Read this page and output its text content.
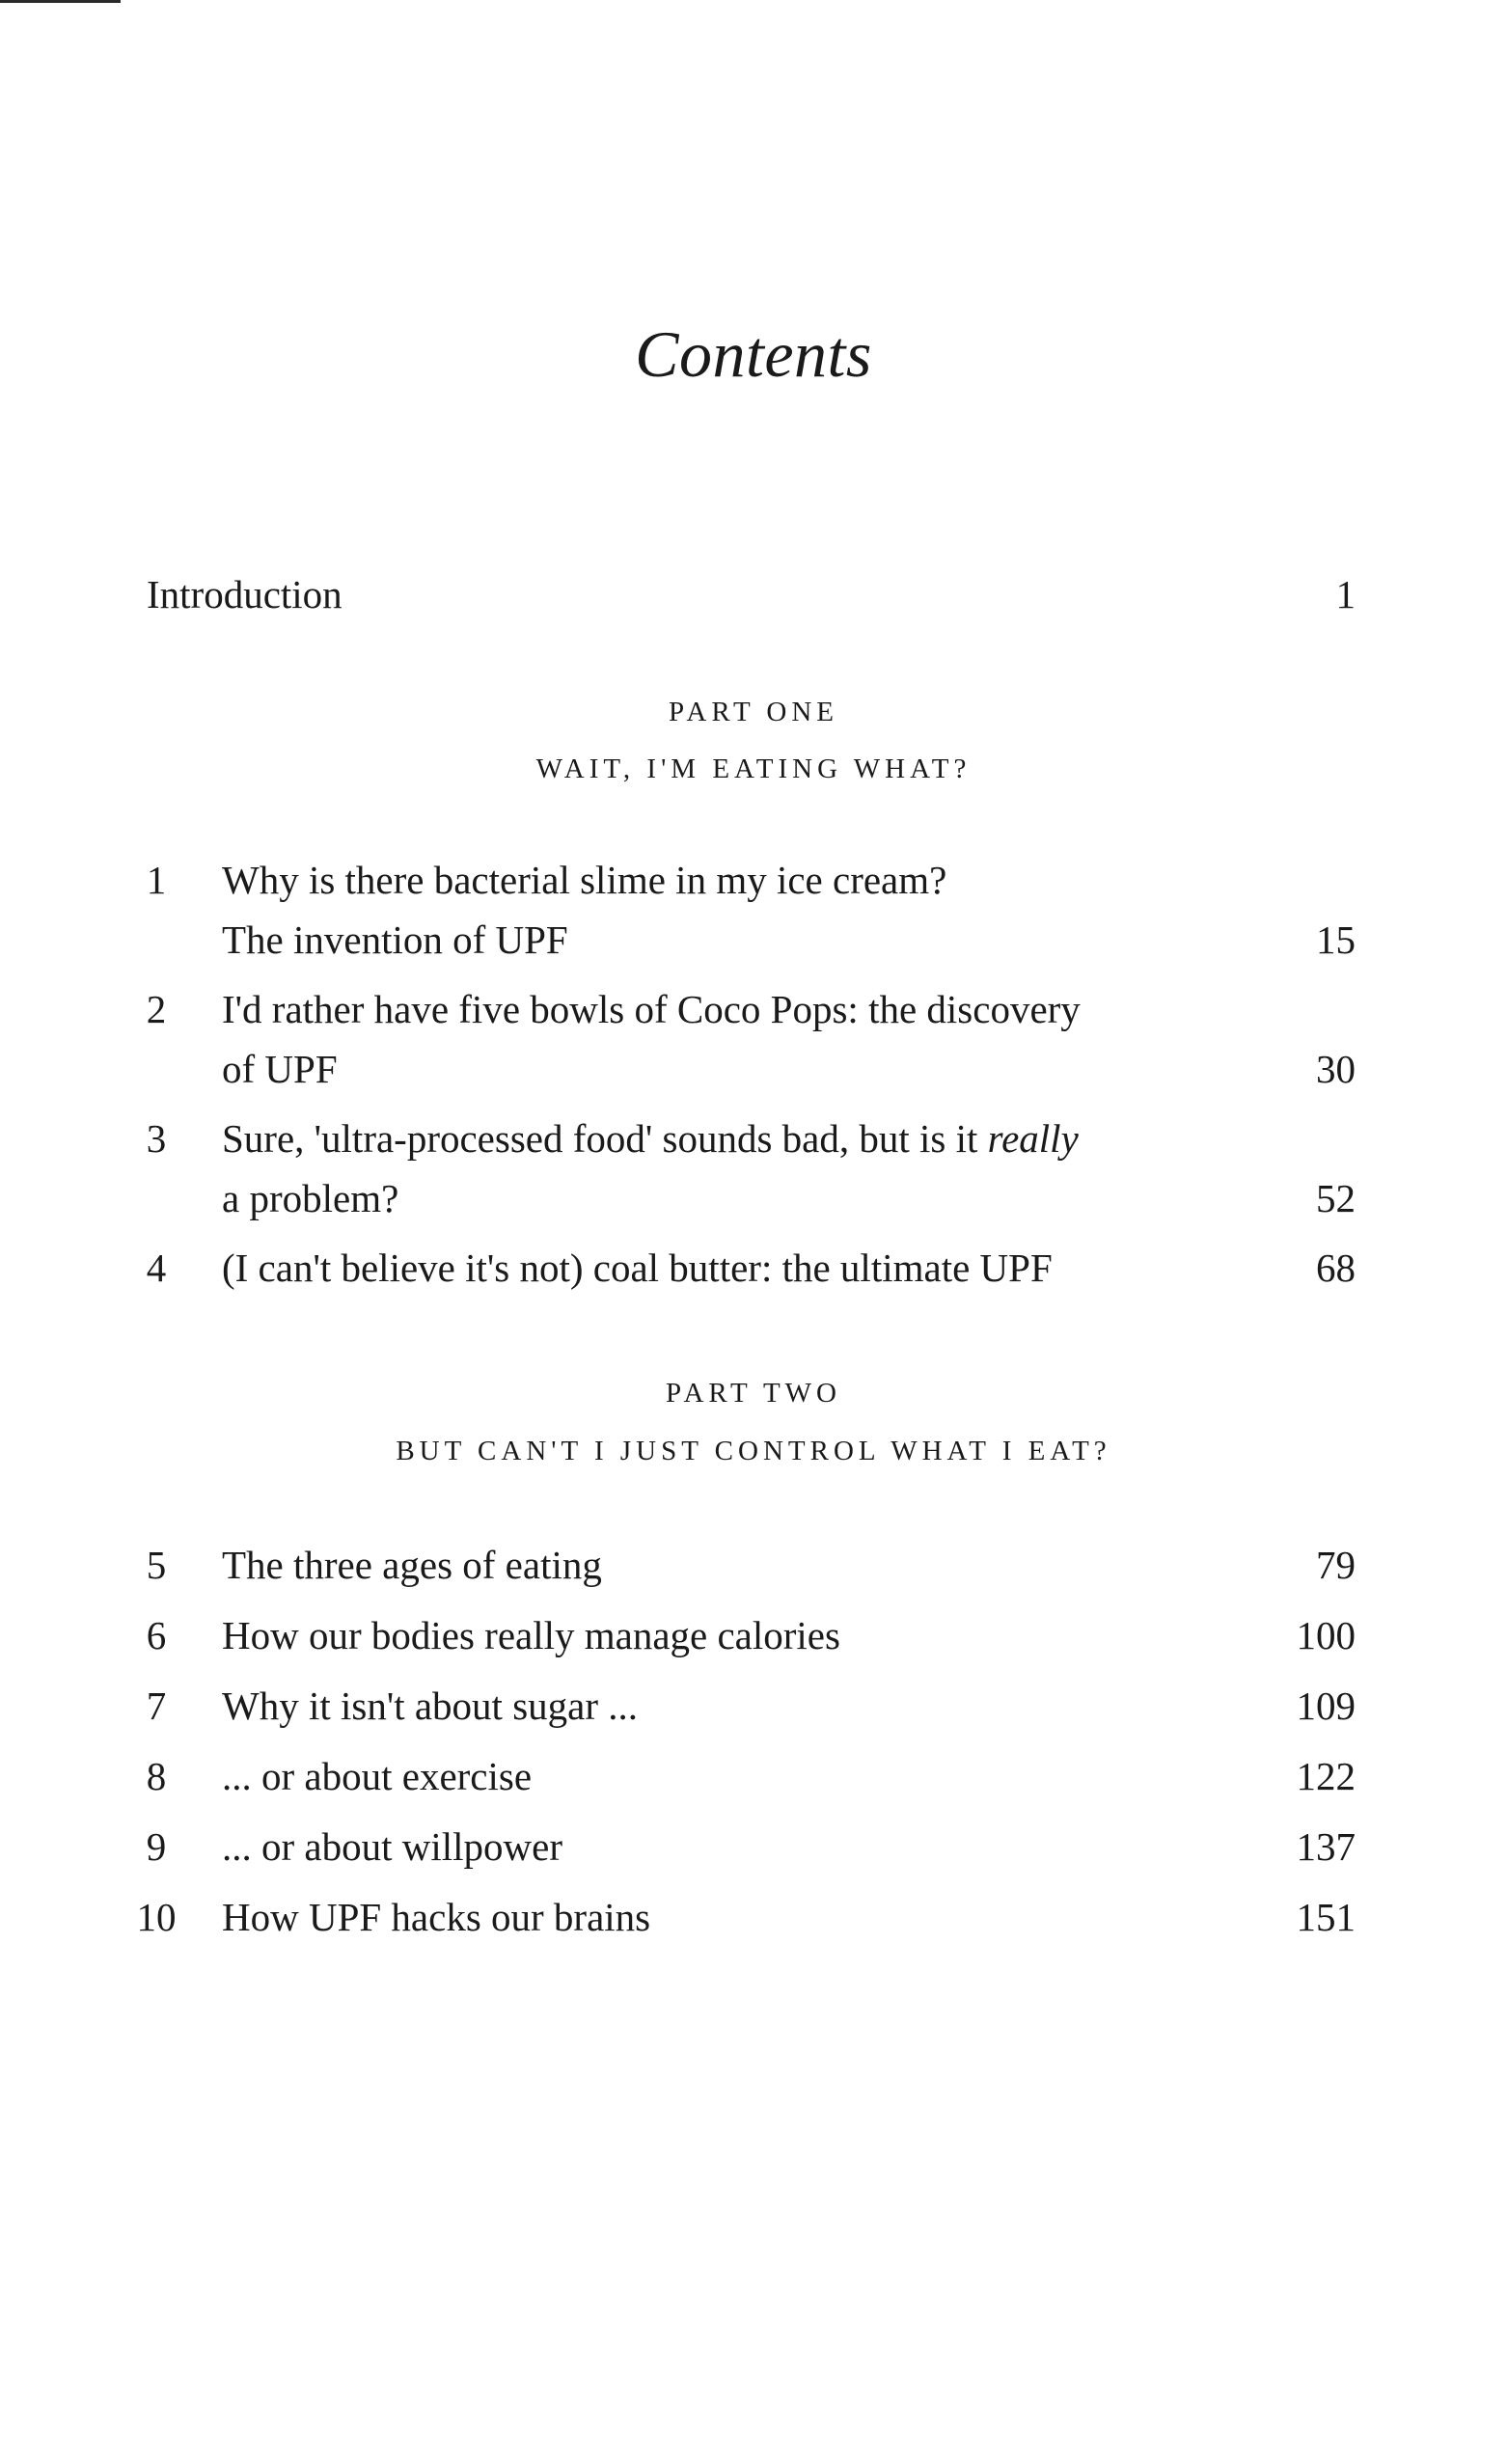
Contents
Introduction	1
PART ONE
WAIT, I'M EATING WHAT?
1 Why is there bacterial slime in my ice cream?
The invention of UPF	15
2 I'd rather have five bowls of Coco Pops: the discovery
of UPF	30
3 Sure, 'ultra-processed food' sounds bad, but is it really
a problem?	52
4 (I can't believe it's not) coal butter: the ultimate UPF	68
PART TWO
BUT CAN'T I JUST CONTROL WHAT I EAT?
5 The three ages of eating	79
6 How our bodies really manage calories	100
7 Why it isn't about sugar ...	109
8 ... or about exercise	122
9 ... or about willpower	137
10 How UPF hacks our brains	151
